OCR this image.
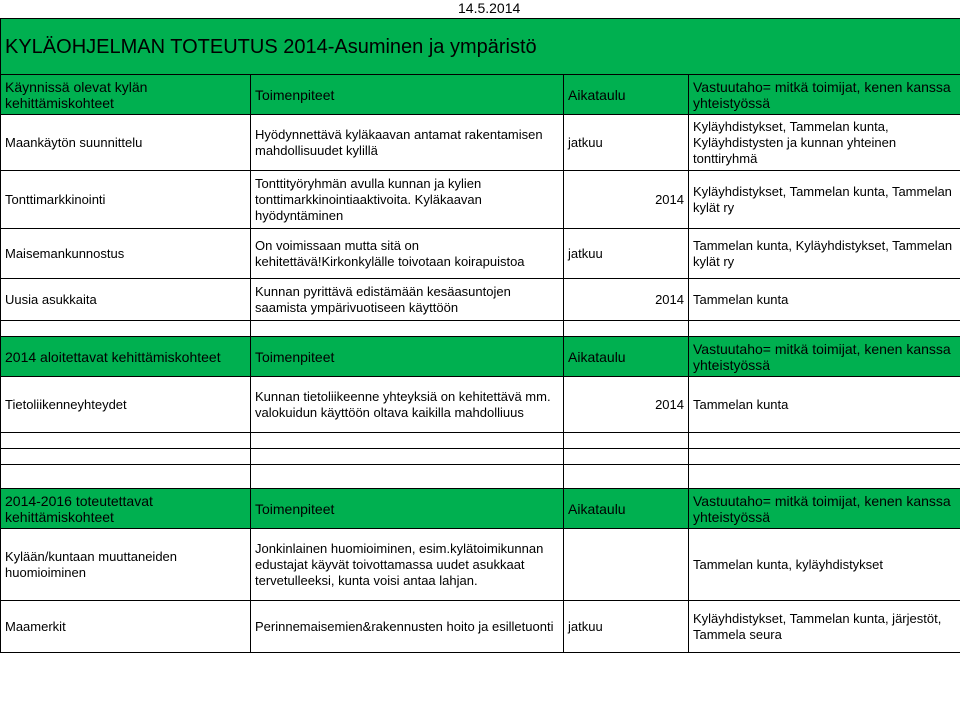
14.5.2014
KYLÄOHJELMAN TOTEUTUS 2014-Asuminen ja ympäristö			
Käynnissä olevat kylän kehittämiskohteet	Toimenpiteet	Aikataulu	Vastuutaho= mitkä toimijat, kenen kanssa yhteistyössä
Maankäytön suunnittelu	Hyödynnettävä kyläkaavan antamat rakentamisen mahdollisuudet kylillä	jatkuu	Kyläyhdistykset, Tammelan kunta, Kyläyhdistysten ja kunnan yhteinen tonttiryhmä
Tonttimarkkinointi	Tonttityöryhmän avulla kunnan ja kylien tonttimarkkinointiaaktivoita. Kyläkaavan hyödyntäminen	2014	Kyläyhdistykset, Tammelan kunta, Tammelan kylät ry
Maisemankunnostus	On voimissaan mutta sitä on kehitettävä!Kirkonkylälle toivotaan koirapuistoa	jatkuu	Tammelan kunta, Kyläyhdistykset, Tammelan kylät ry
Uusia asukkaita	Kunnan pyrittävä edistämään kesäasuntojen saamista ympärivuotiseen käyttöön	2014	Tammelan kunta

2014 aloitettavat kehittämiskohteet	Toimenpiteet	Aikataulu	Vastuutaho= mitkä toimijat, kenen kanssa yhteistyössä
Tietoliikenneyhteydet	Kunnan tietoliikeenne yhteyksiä on kehitettävä mm. valokuidun käyttöön oltava kaikilla mahdolliuus	2014	Tammelan kunta

2014-2016 toteutettavat kehittämiskohteet	Toimenpiteet	Aikataulu	Vastuutaho= mitkä toimijat, kenen kanssa yhteistyössä
Kylään/kuntaan muuttaneiden huomioiminen	Jonkinlainen huomioiminen, esim.kylätoimikunnan edustajat käyvät toivottamassa uudet asukkaat tervetulleeksi, kunta voisi antaa lahjan.		Tammelan kunta, kyläyhdistykset
Maamerkit	Perinnemaisemien&rakennusten hoito ja esilletuonti	jatkuu	Kyläyhdistykset, Tammelan kunta, järjestöt, Tammela seura
